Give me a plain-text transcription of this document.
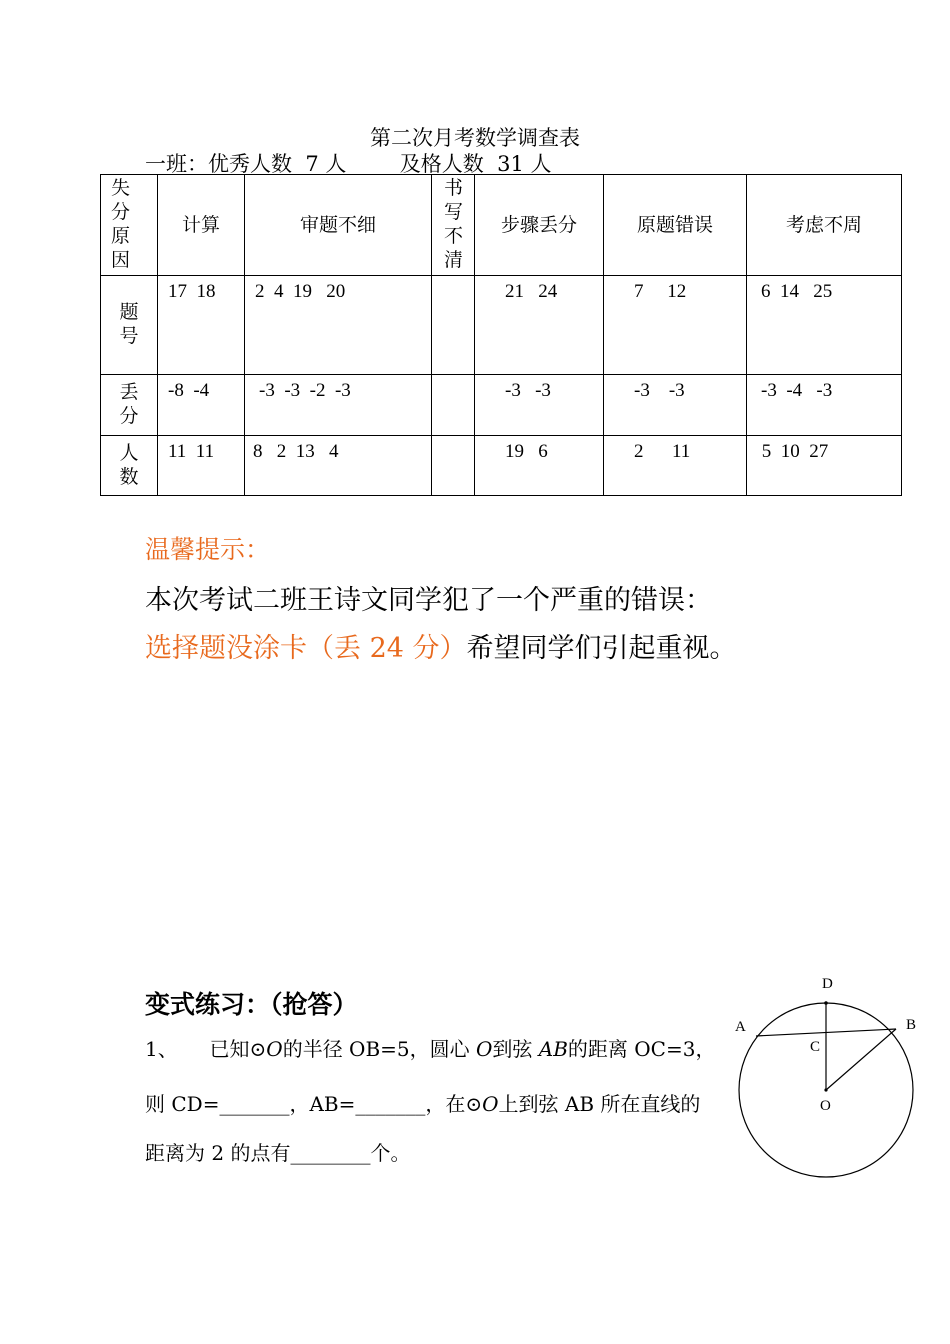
第二次月考数学调查表
一班：优秀人数  7 人        及格人数  31 人
失分原因	计算	审题不细	书写不清	步骤丢分	原题错误	考虑不周

题号	17  18	2  4  19   20		21   24	7     12	6  14   25

丢分	-8  -4	-3  -3  -2  -3		-3   -3	-3    -3	-3  -4   -3

人数	11  11	8   2  13   4		19   6	2      11	5  10  27
温馨提示：
本次考试二班王诗文同学犯了一个严重的错误：
选择题没涂卡（丢 24 分）希望同学们引起重视。
变式练习：（抢答）
1、 已知⊙O的半径 OB=5，圆心 O到弦 AB的距离 OC=3，
则 CD=_______，AB=_______，在⊙O上到弦 AB 所在直线的
距离为 2 的点有________个。
D
A	B
C
O
